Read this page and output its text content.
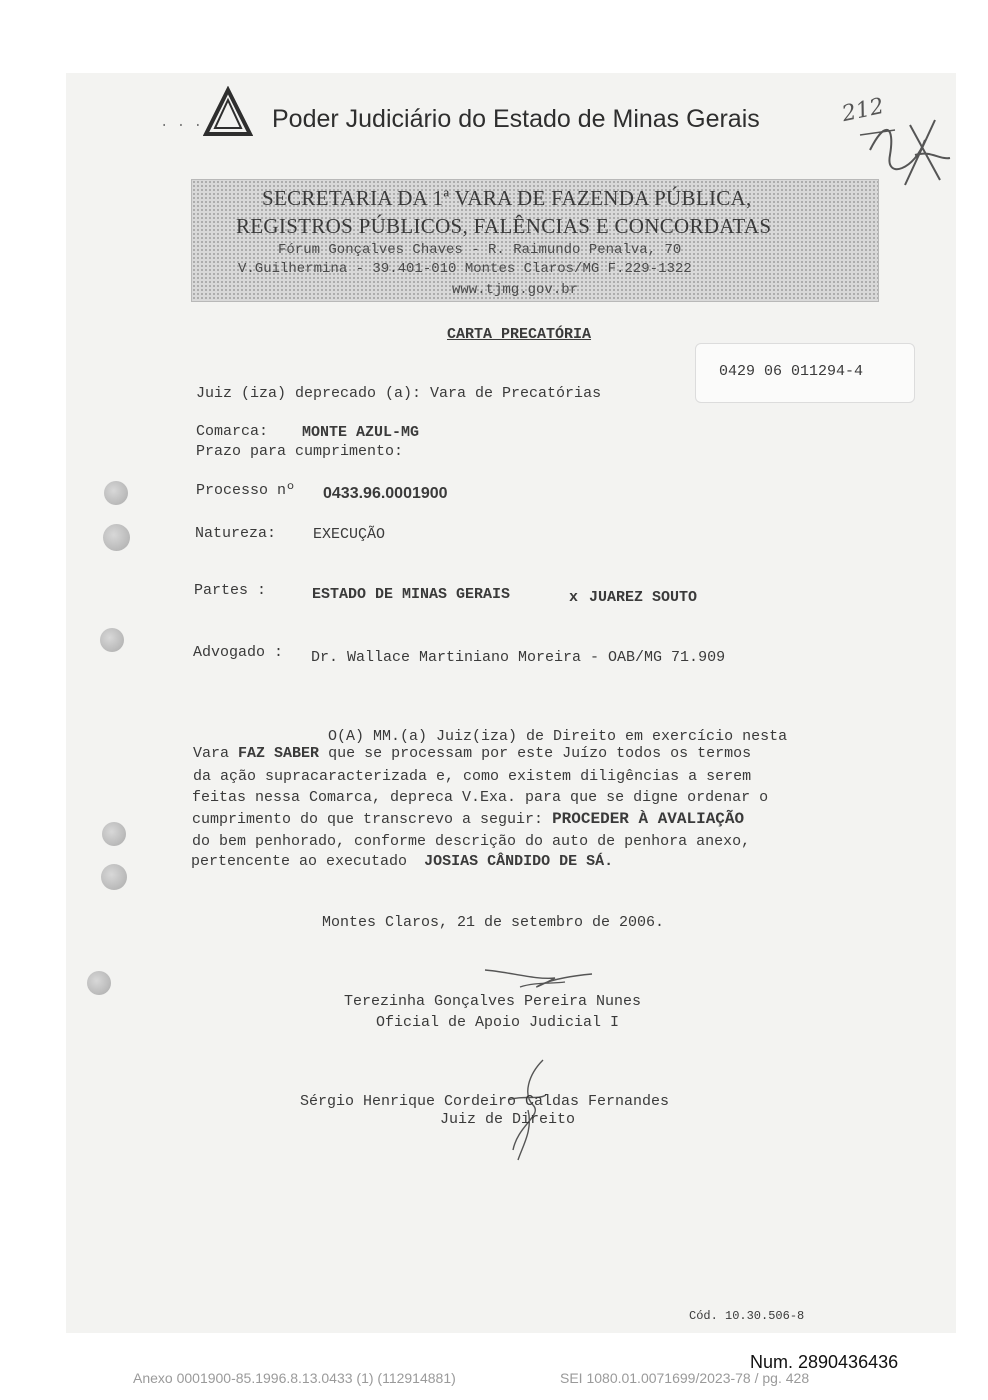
. . .	Poder Judiciário do Estado de Minas Gerais	212
SECRETARIA DA 1ª VARA DE FAZENDA PÚBLICA,
REGISTROS PÚBLICOS, FALÊNCIAS E CONCORDATAS
Fórum Gonçalves Chaves - R. Raimundo Penalva, 70
V.Guilhermina - 39.401-010 Montes Claros/MG F.229-1322
www.tjmg.gov.br
CARTA PRECATÓRIA
0429 06 011294-4
Juiz (iza) deprecado (a): Vara de Precatórias
Comarca: MONTE AZUL-MG
Prazo para cumprimento:
Processo nº 0433.96.0001900
Natureza: EXECUÇÃO
Partes :	ESTADO DE MINAS GERAIS	x JUAREZ SOUTO
Advogado : Dr. Wallace Martiniano Moreira - OAB/MG 71.909
O(A) MM.(a) Juiz(iza) de Direito em exercício nesta
Vara FAZ SABER que se processam por este Juízo todos os termos
da ação supracaracterizada e, como existem diligências a serem
feitas nessa Comarca, depreca V.Exa. para que se digne ordenar o
cumprimento do que transcrevo a seguir: PROCEDER À AVALIAÇÃO
do bem penhorado, conforme descrição do auto de penhora anexo,
pertencente ao executado JOSIAS CÂNDIDO DE SÁ.
Montes Claros, 21 de setembro de 2006.
Terezinha Gonçalves Pereira Nunes
Oficial de Apoio Judicial I
Sérgio Henrique Cordeiro Caldas Fernandes
Juiz de Direito
Cód. 10.30.506-8
Num. 2890436436
Anexo 0001900-85.1996.8.13.0433 (1) (112914881)	SEI 1080.01.0071699/2023-78 / pg. 428
